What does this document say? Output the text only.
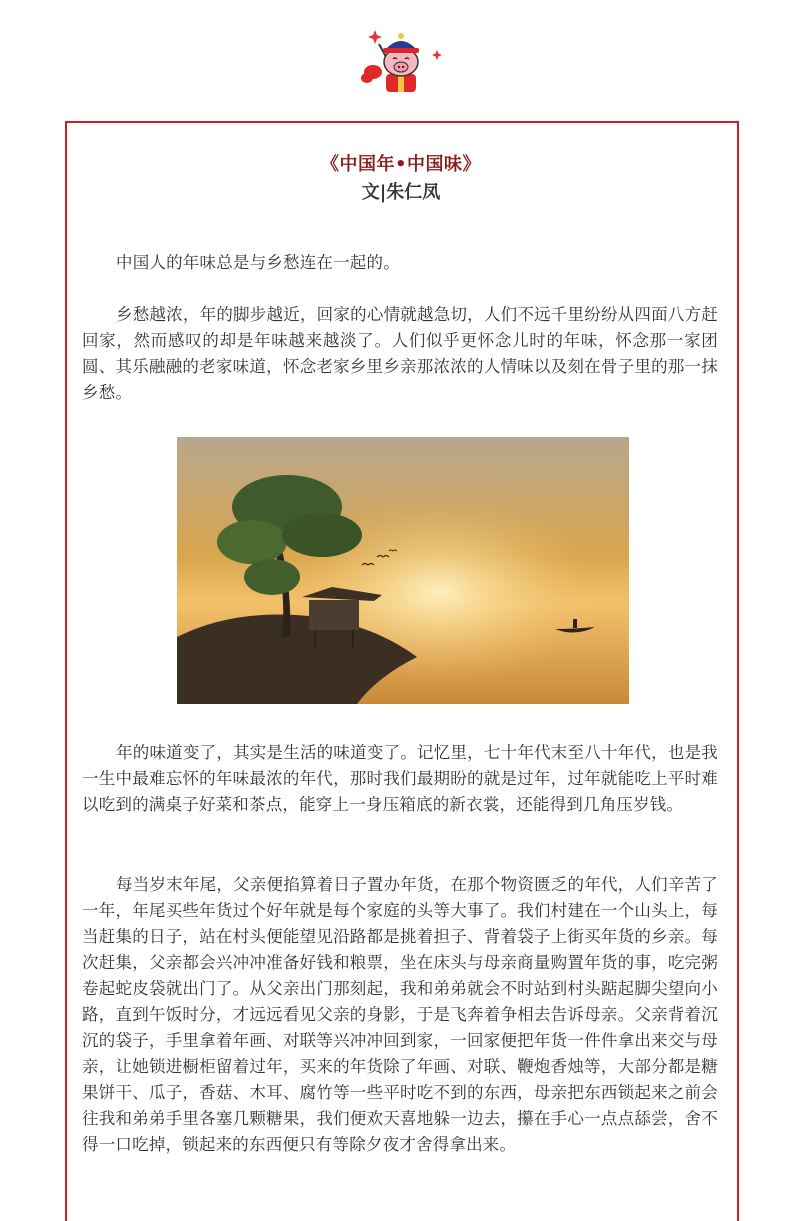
《中国年•中国味》
文|朱仁凤

中国人的年味总是与乡愁连在一起的。

乡愁越浓，年的脚步越近，回家的心情就越急切，人们不远千里纷纷从四面八方赶回家，然而感叹的却是年味越来越淡了。人们似乎更怀念儿时的年味，怀念那一家团圆、其乐融融的老家味道，怀念老家乡里乡亲那浓浓的人情味以及刻在骨子里的那一抹乡愁。

年的味道变了，其实是生活的味道变了。记忆里，七十年代末至八十年代，也是我一生中最难忘怀的年味最浓的年代，那时我们最期盼的就是过年，过年就能吃上平时难以吃到的满桌子好菜和茶点，能穿上一身压箱底的新衣裳，还能得到几角压岁钱。

每当岁末年尾，父亲便掐算着日子置办年货，在那个物资匮乏的年代，人们辛苦了一年，年尾买些年货过个好年就是每个家庭的头等大事了。我们村建在一个山头上，每当赶集的日子，站在村头便能望见沿路都是挑着担子、背着袋子上街买年货的乡亲。每次赶集，父亲都会兴冲冲准备好钱和粮票，坐在床头与母亲商量购置年货的事，吃完粥卷起蛇皮袋就出门了。从父亲出门那刻起，我和弟弟就会不时站到村头踮起脚尖望向小路，直到午饭时分，才远远看见父亲的身影，于是飞奔着争相去告诉母亲。父亲背着沉沉的袋子，手里拿着年画、对联等兴冲冲回到家，一回家便把年货一件件拿出来交与母亲，让她锁进橱柜留着过年，买来的年货除了年画、对联、鞭炮香烛等，大部分都是糖果饼干、瓜子，香菇、木耳、腐竹等一些平时吃不到的东西，母亲把东西锁起来之前会往我和弟弟手里各塞几颗糖果，我们便欢天喜地躲一边去，攥在手心一点点舔尝，舍不得一口吃掉，锁起来的东西便只有等除夕夜才舍得拿出来。
